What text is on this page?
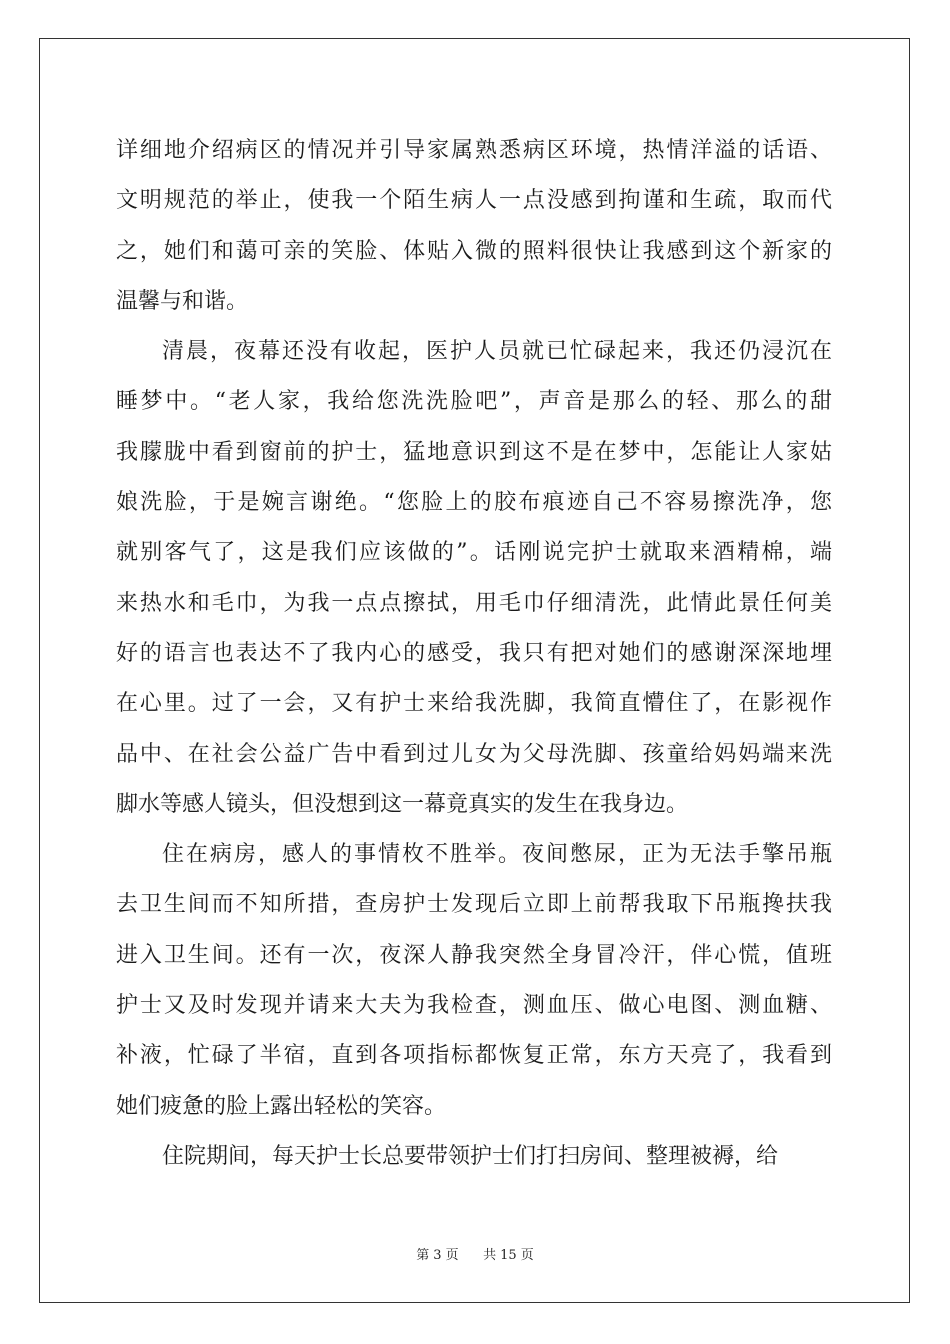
详细地介绍病区的情况并引导家属熟悉病区环境，热情洋溢的话语、
文明规范的举止，使我一个陌生病人一点没感到拘谨和生疏，取而代
之，她们和蔼可亲的笑脸、体贴入微的照料很快让我感到这个新家的
温馨与和谐。
清晨，夜幕还没有收起，医护人员就已忙碌起来，我还仍浸沉在
睡梦中。“老人家，我给您洗洗脸吧”，声音是那么的轻、那么的甜
我朦胧中看到窗前的护士，猛地意识到这不是在梦中，怎能让人家姑
娘洗脸，于是婉言谢绝。“您脸上的胶布痕迹自己不容易擦洗净，您
就别客气了，这是我们应该做的”。话刚说完护士就取来酒精棉，端
来热水和毛巾，为我一点点擦拭，用毛巾仔细清洗，此情此景任何美
好的语言也表达不了我内心的感受，我只有把对她们的感谢深深地埋
在心里。过了一会，又有护士来给我洗脚，我简直懵住了，在影视作
品中、在社会公益广告中看到过儿女为父母洗脚、孩童给妈妈端来洗
脚水等感人镜头，但没想到这一幕竟真实的发生在我身边。
住在病房，感人的事情枚不胜举。夜间憋尿，正为无法手擎吊瓶
去卫生间而不知所措，查房护士发现后立即上前帮我取下吊瓶搀扶我
进入卫生间。还有一次，夜深人静我突然全身冒冷汗，伴心慌，值班
护士又及时发现并请来大夫为我检查，测血压、做心电图、测血糖、
补液，忙碌了半宿，直到各项指标都恢复正常，东方天亮了，我看到
她们疲惫的脸上露出轻松的笑容。
住院期间，每天护士长总要带领护士们打扫房间、整理被褥，给
第 3 页 共 15 页
